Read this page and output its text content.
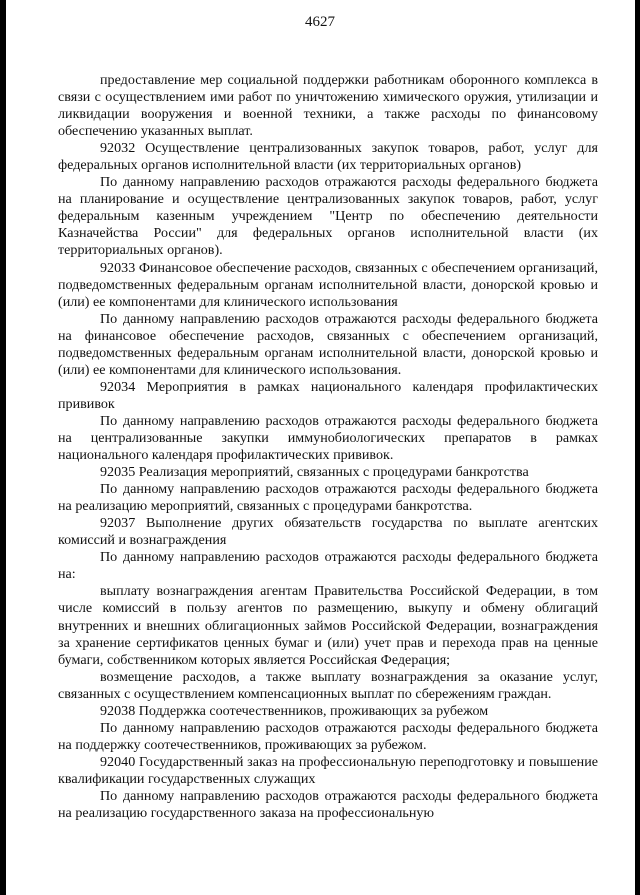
4627

предоставление мер социальной поддержки работникам оборонного комплекса в связи с осуществлением ими работ по уничтожению химического оружия, утилизации и ликвидации вооружения и военной техники, а также расходы по финансовому обеспечению указанных выплат.

92032 Осуществление централизованных закупок товаров, работ, услуг для федеральных органов исполнительной власти (их территориальных органов)

По данному направлению расходов отражаются расходы федерального бюджета на планирование и осуществление централизованных закупок товаров, работ, услуг федеральным казенным учреждением "Центр по обеспечению деятельности Казначейства России" для федеральных органов исполнительной власти (их территориальных органов).

92033 Финансовое обеспечение расходов, связанных с обеспечением организаций, подведомственных федеральным органам исполнительной власти, донорской кровью и (или) ее компонентами для клинического использования

По данному направлению расходов отражаются расходы федерального бюджета на финансовое обеспечение расходов, связанных с обеспечением организаций, подведомственных федеральным органам исполнительной власти, донорской кровью и (или) ее компонентами для клинического использования.

92034 Мероприятия в рамках национального календаря профилактических прививок

По данному направлению расходов отражаются расходы федерального бюджета на централизованные закупки иммунобиологических препаратов в рамках национального календаря профилактических прививок.

92035 Реализация мероприятий, связанных с процедурами банкротства

По данному направлению расходов отражаются расходы федерального бюджета на реализацию мероприятий, связанных с процедурами банкротства.

92037 Выполнение других обязательств государства по выплате агентских комиссий и вознаграждения

По данному направлению расходов отражаются расходы федерального бюджета на:

выплату вознаграждения агентам Правительства Российской Федерации, в том числе комиссий в пользу агентов по размещению, выкупу и обмену облигаций внутренних и внешних облигационных займов Российской Федерации, вознаграждения за хранение сертификатов ценных бумаг и (или) учет прав и перехода прав на ценные бумаги, собственником которых является Российская Федерация;

возмещение расходов, а также выплату вознаграждения за оказание услуг, связанных с осуществлением компенсационных выплат по сбережениям граждан.

92038 Поддержка соотечественников, проживающих за рубежом

По данному направлению расходов отражаются расходы федерального бюджета на поддержку соотечественников, проживающих за рубежом.

92040 Государственный заказ на профессиональную переподготовку и повышение квалификации государственных служащих

По данному направлению расходов отражаются расходы федерального бюджета на реализацию государственного заказа на профессиональную
